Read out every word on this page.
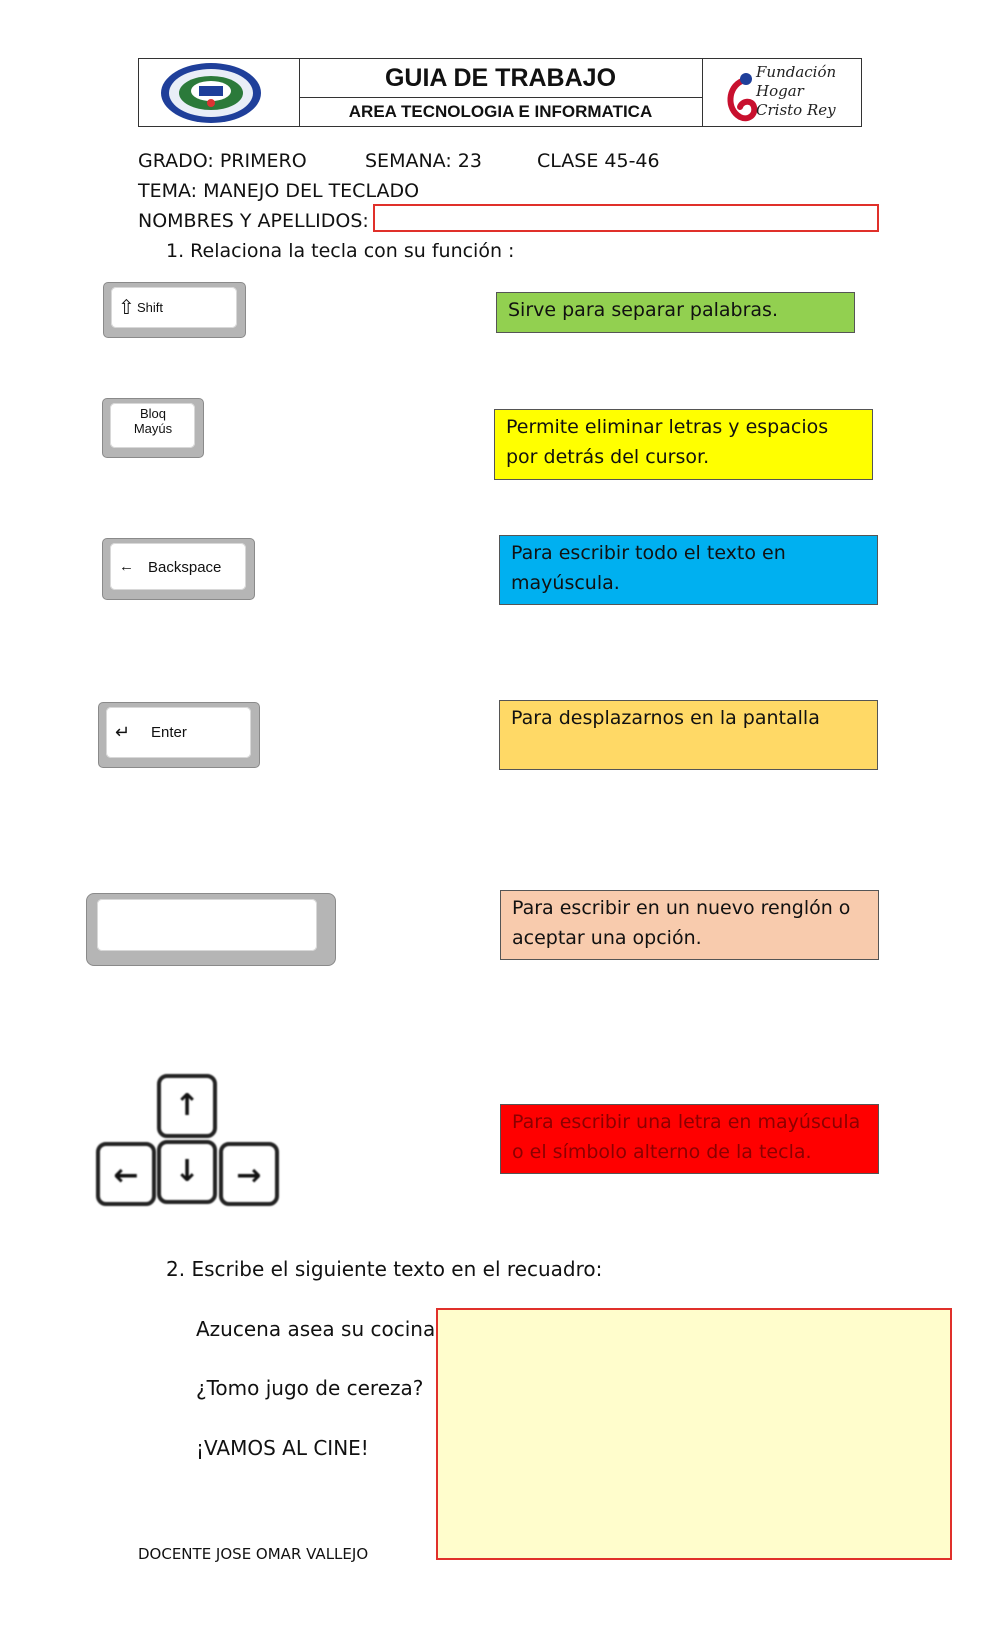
GUIA DE TRABAJO
AREA TECNOLOGIA E INFORMATICA
Fundación
Hogar
Cristo Rey
GRADO: PRIMERO	SEMANA: 23	CLASE 45-46
TEMA: MANEJO DEL TECLADO
NOMBRES Y APELLIDOS:
1. Relaciona la tecla con su función :
⇧ Shift
Bloq
Mayús
← Backspace
↵ Enter
↑
←	↓	→
Sirve para separar palabras.
Permite eliminar letras y espacios por detrás del cursor.
Para escribir todo el texto en mayúscula.
Para desplazarnos en la pantalla
Para escribir en un nuevo renglón o aceptar una opción.
Para escribir una letra en mayúscula o el símbolo alterno de la tecla.
2. Escribe el siguiente texto en el recuadro:
Azucena asea su cocina
¿Tomo jugo de cereza?
¡VAMOS AL CINE!
DOCENTE JOSE OMAR VALLEJO
